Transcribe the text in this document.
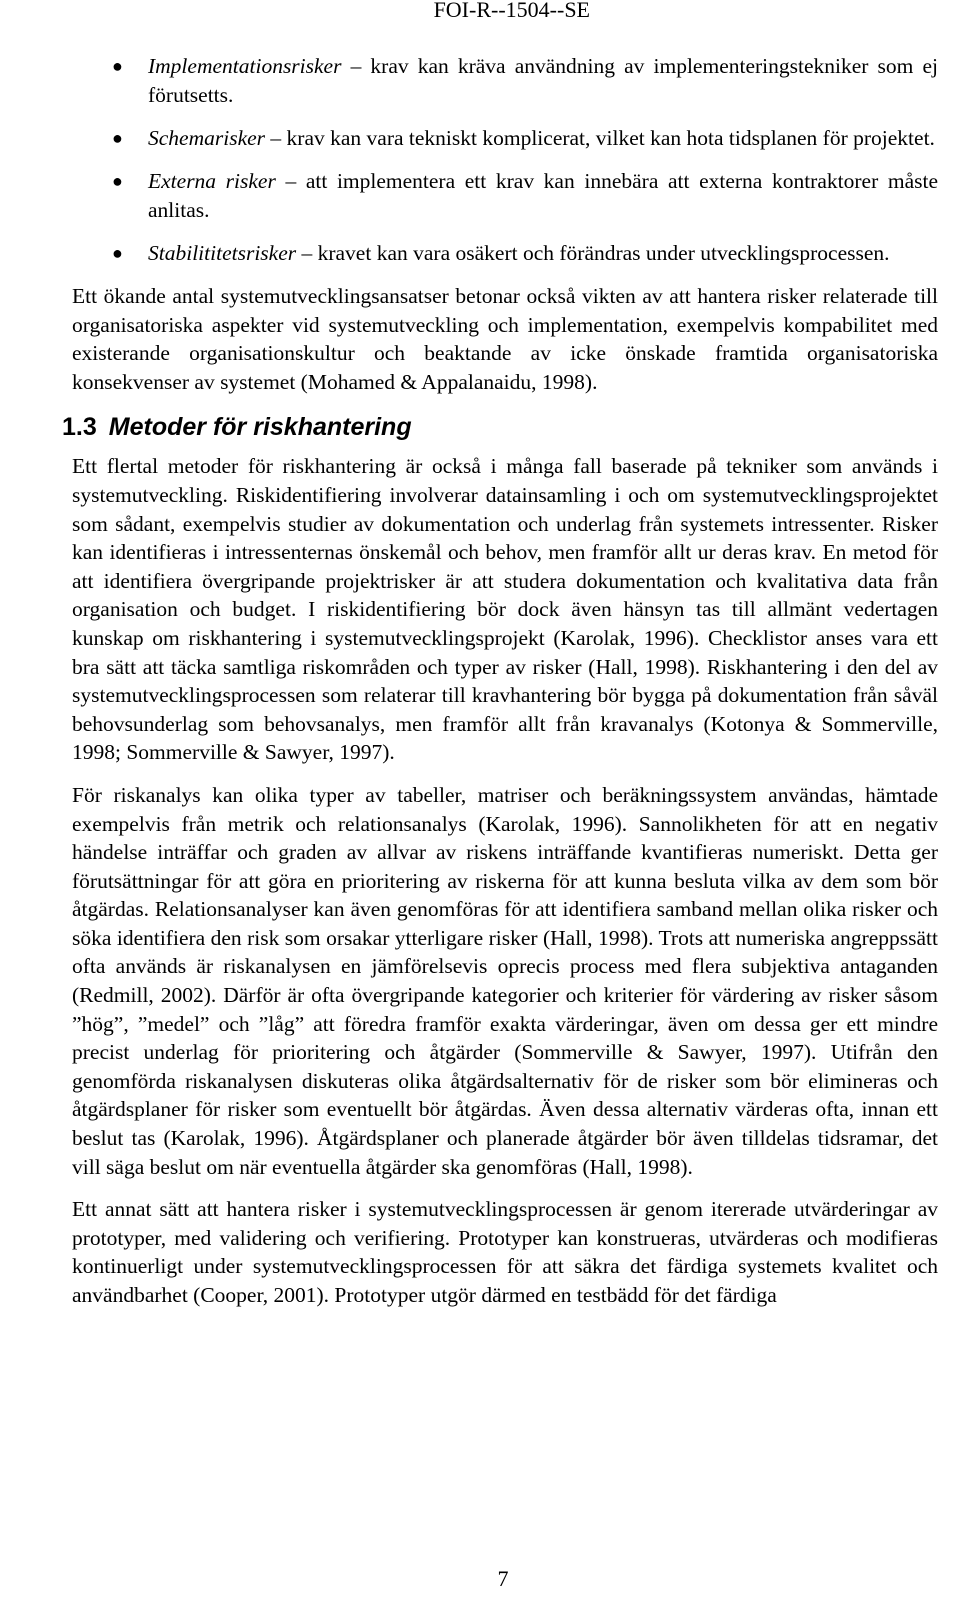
FOI-R--1504--SE
● Implementationsrisker – krav kan kräva användning av implementeringstekniker som ej förutsetts.
● Schemarisker – krav kan vara tekniskt komplicerat, vilket kan hota tidsplanen för projektet.
● Externa risker – att implementera ett krav kan innebära att externa kontraktorer måste anlitas.
● Stabilititetsrisker – kravet kan vara osäkert och förändras under utvecklingsprocessen.

Ett ökande antal systemutvecklingsansatser betonar också vikten av att hantera risker relaterade till organisatoriska aspekter vid systemutveckling och implementation, exempelvis kompabilitet med existerande organisationskultur och beaktande av icke önskade framtida organisatoriska konsekvenser av systemet (Mohamed & Appalanaidu, 1998).

1.3 Metoder för riskhantering

Ett flertal metoder för riskhantering är också i många fall baserade på tekniker som används i systemutveckling. Riskidentifiering involverar datainsamling i och om systemutvecklingsprojektet som sådant, exempelvis studier av dokumentation och underlag från systemets intressenter. Risker kan identifieras i intressenternas önskemål och behov, men framför allt ur deras krav. En metod för att identifiera övergripande projektrisker är att studera dokumentation och kvalitativa data från organisation och budget. I riskidentifiering bör dock även hänsyn tas till allmänt vedertagen kunskap om riskhantering i systemutvecklingsprojekt (Karolak, 1996). Checklistor anses vara ett bra sätt att täcka samtliga riskområden och typer av risker (Hall, 1998). Riskhantering i den del av systemutvecklingsprocessen som relaterar till kravhantering bör bygga på dokumentation från såväl behovsunderlag som behovsanalys, men framför allt från kravanalys (Kotonya & Sommerville, 1998; Sommerville & Sawyer, 1997).

För riskanalys kan olika typer av tabeller, matriser och beräkningssystem användas, hämtade exempelvis från metrik och relationsanalys (Karolak, 1996). Sannolikheten för att en negativ händelse inträffar och graden av allvar av riskens inträffande kvantifieras numeriskt. Detta ger förutsättningar för att göra en prioritering av riskerna för att kunna besluta vilka av dem som bör åtgärdas. Relationsanalyser kan även genomföras för att identifiera samband mellan olika risker och söka identifiera den risk som orsakar ytterligare risker (Hall, 1998). Trots att numeriska angreppssätt ofta används är riskanalysen en jämförelsevis oprecis process med flera subjektiva antaganden (Redmill, 2002). Därför är ofta övergripande kategorier och kriterier för värdering av risker såsom ”hög”, ”medel” och ”låg” att föredra framför exakta värderingar, även om dessa ger ett mindre precist underlag för prioritering och åtgärder (Sommerville & Sawyer, 1997). Utifrån den genomförda riskanalysen diskuteras olika åtgärdsalternativ för de risker som bör elimineras och åtgärdsplaner för risker som eventuellt bör åtgärdas. Även dessa alternativ värderas ofta, innan ett beslut tas (Karolak, 1996). Åtgärdsplaner och planerade åtgärder bör även tilldelas tidsramar, det vill säga beslut om när eventuella åtgärder ska genomföras (Hall, 1998).

Ett annat sätt att hantera risker i systemutvecklingsprocessen är genom itererade utvärderingar av prototyper, med validering och verifiering. Prototyper kan konstrueras, utvärderas och modifieras kontinuerligt under systemutvecklingsprocessen för att säkra det färdiga systemets kvalitet och användbarhet (Cooper, 2001). Prototyper utgör därmed en testbädd för det färdiga

7
